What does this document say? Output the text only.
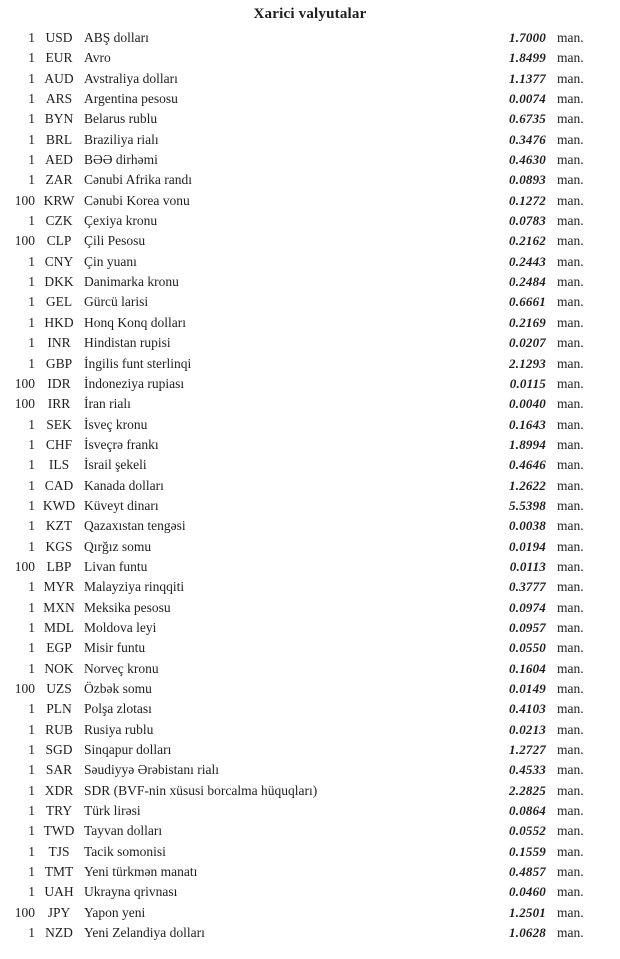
Xarici valyutalar
1 USD ABŞ dolları	1.7000 man.
1 EUR Avro	1.8499 man.
1 AUD Avstraliya dolları	1.1377 man.
1 ARS Argentina pesosu	0.0074 man.
1 BYN Belarus rublu	0.6735 man.
1 BRL Braziliya rialı	0.3476 man.
1 AED BƏƏ dirhəmi	0.4630 man.
1 ZAR Cənubi Afrika randı	0.0893 man.
100 KRW Cənubi Korea vonu	0.1272 man.
1 CZK Çexiya kronu	0.0783 man.
100 CLP Çili Pesosu	0.2162 man.
1 CNY Çin yuanı	0.2443 man.
1 DKK Danimarka kronu	0.2484 man.
1 GEL Gürcü larisi	0.6661 man.
1 HKD Honq Konq dolları	0.2169 man.
1 INR Hindistan rupisi	0.0207 man.
1 GBP İngilis funt sterlinqi	2.1293 man.
100 IDR İndoneziya rupiası	0.0115 man.
100 IRR	İran rialı	0.0040 man.
1 SEK İsveç kronu	0.1643 man.
1 CHF İsveçrə frankı	1.8994 man.
1	ILS	İsrail şekeli	0.4646 man.
1 CAD Kanada dolları	1.2622 man.
1 KWD Küveyt dinarı	5.5398 man.
1 KZT Qazaxıstan tengəsi	0.0038 man.
1 KGS Qırğız somu	0.0194 man.
100 LBP Livan funtu	0.0113 man.
1 MYR Malayziya rinqqiti	0.3777 man.
1 MXN Meksika pesosu	0.0974 man.
1 MDL Moldova leyi	0.0957 man.
1 EGP Misir funtu	0.0550 man.
1 NOK Norveç kronu	0.1604 man.
100 UZS Özbək somu	0.0149 man.
1 PLN Polşa zlotası	0.4103 man.
1 RUB Rusiya rublu	0.0213 man.
1 SGD Sinqapur dolları	1.2727 man.
1 SAR Səudiyyə Ərəbistanı rialı	0.4533 man.
1 XDR SDR (BVF-nin xüsusi borcalma hüquqları)	2.2825 man.
1 TRY Türk lirəsi	0.0864 man.
1 TWD Tayvan dolları	0.0552 man.
1 TJS	Tacik somonisi	0.1559 man.
1 TMT Yeni türkmən manatı	0.4857 man.
1 UAH Ukrayna qrivnası	0.0460 man.
100 JPY	Yapon yeni	1.2501 man.
1 NZD Yeni Zelandiya dolları	1.0628 man.
